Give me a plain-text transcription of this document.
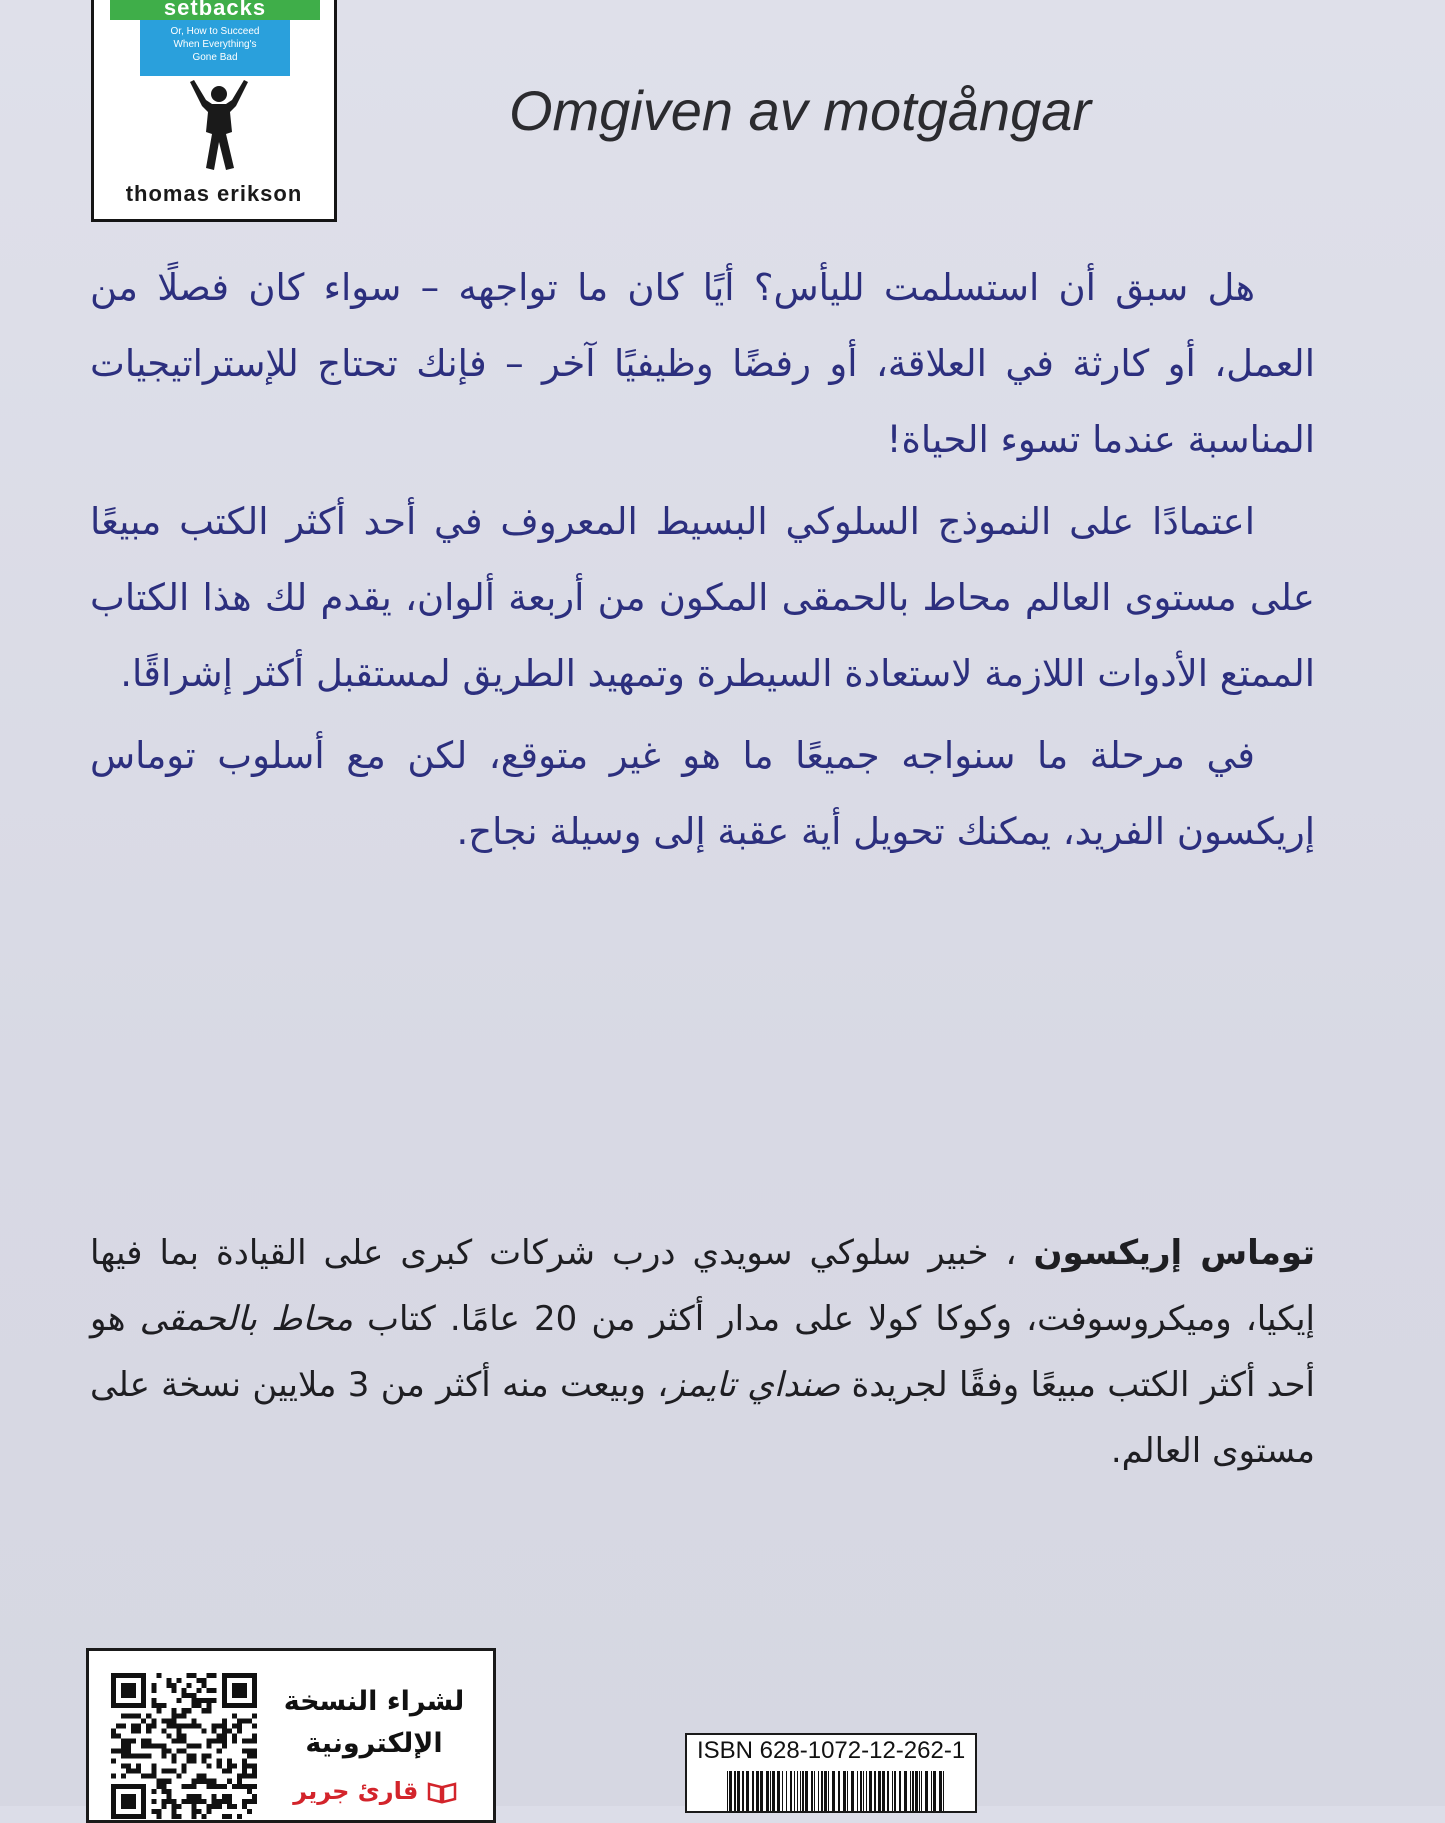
setbacks
Or, How to Succeed
When Everything's
Gone Bad
thomas erikson
Omgiven av motgångar

هل سبق أن استسلمت لليأس؟ أيًا كان ما تواجهه – سواء كان فصلًا من العمل، أو كارثة في العلاقة، أو رفضًا وظيفيًا آخر – فإنك تحتاج للإستراتيجيات المناسبة عندما تسوء الحياة!

اعتمادًا على النموذج السلوكي البسيط المعروف في أحد أكثر الكتب مبيعًا على مستوى العالم محاط بالحمقى المكون من أربعة ألوان، يقدم لك هذا الكتاب الممتع الأدوات اللازمة لاستعادة السيطرة وتمهيد الطريق لمستقبل أكثر إشراقًا.

في مرحلة ما سنواجه جميعًا ما هو غير متوقع، لكن مع أسلوب توماس إريكسون الفريد، يمكنك تحويل أية عقبة إلى وسيلة نجاح.

توماس إريكسون ، خبير سلوكي سويدي درب شركات كبرى على القيادة بما فيها إيكيا، وميكروسوفت، وكوكا كولا على مدار أكثر من 20 عامًا. كتاب محاط بالحمقى هو أحد أكثر الكتب مبيعًا وفقًا لجريدة صنداي تايمز، وبيعت منه أكثر من 3 ملايين نسخة على مستوى العالم.

لشراء النسخة
الإلكترونية
قارئ جرير
ISBN 628-1072-12-262-1
